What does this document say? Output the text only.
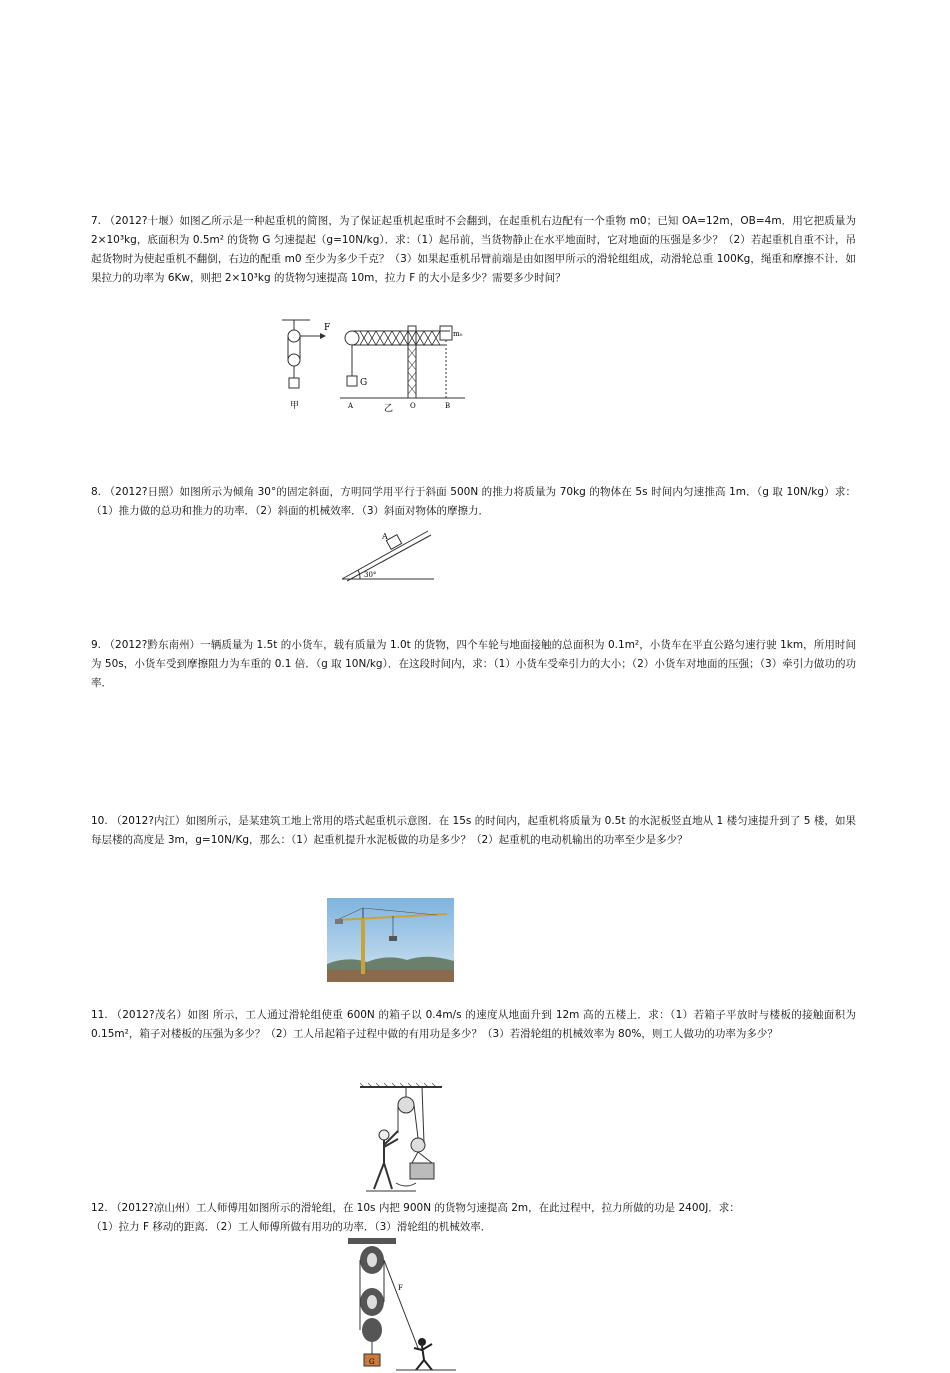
7. （2012?十堰）如图乙所示是一种起重机的简图，为了保证起重机起重时不会翻到，在起重机右边配有一个重物 m0；已知 OA=12m，OB=4m．用它把质量为 2×10³kg，底面积为 0.5m² 的货物 G 匀速提起（g=10N/kg）．求：（1）起吊前，当货物静止在水平地面时，它对地面的压强是多少？（2）若起重机自重不计，吊起货物时为使起重机不翻倒，右边的配重 m0 至少为多少千克？（3）如果起重机吊臂前端是由如图甲所示的滑轮组组成，动滑轮总重 100Kg，绳重和摩擦不计．如果拉力的功率为 6Kw，则把 2×10³kg 的货物匀速提高 10m，拉力 F 的大小是多少？需要多少时间？

F
甲
G
A	乙 O	B
m₀

8. （2012?日照）如图所示为倾角 30°的固定斜面，方明同学用平行于斜面 500N 的推力将质量为 70kg 的物体在 5s 时间内匀速推高 1m．（g 取 10N/kg）求：（1）推力做的总功和推力的功率．（2）斜面的机械效率．（3）斜面对物体的摩擦力．

A
30°

9. （2012?黔东南州）一辆质量为 1.5t 的小货车，载有质量为 1.0t 的货物，四个车轮与地面接触的总面积为 0.1m²，小货车在平直公路匀速行驶 1km，所用时间为 50s，小货车受到摩擦阻力为车重的 0.1 倍．（g 取 10N/kg）．在这段时间内，求：（1）小货车受牵引力的大小；（2）小货车对地面的压强；（3）牵引力做功的功率．

10. （2012?内江）如图所示，是某建筑工地上常用的塔式起重机示意图．在 15s 的时间内，起重机将质量为 0.5t 的水泥板竖直地从 1 楼匀速提升到了 5 楼，如果每层楼的高度是 3m，g=10N/Kg，那么：（1）起重机提升水泥板做的功是多少？（2）起重机的电动机输出的功率至少是多少？

11. （2012?茂名）如图 所示，工人通过滑轮组使重 600N 的箱子以 0.4m/s 的速度从地面升到 12m 高的五楼上．求：（1）若箱子平放时与楼板的接触面积为 0.15m²，箱子对楼板的压强为多少？（2）工人吊起箱子过程中做的有用功是多少？（3）若滑轮组的机械效率为 80%，则工人做功的功率为多少？

12. （2012?凉山州）工人师傅用如图所示的滑轮组，在 10s 内把 900N 的货物匀速提高 2m，在此过程中，拉力所做的功是 2400J．求：

（1）拉力 F 移动的距离．（2）工人师傅所做有用功的功率．（3）滑轮组的机械效率．

G
F
